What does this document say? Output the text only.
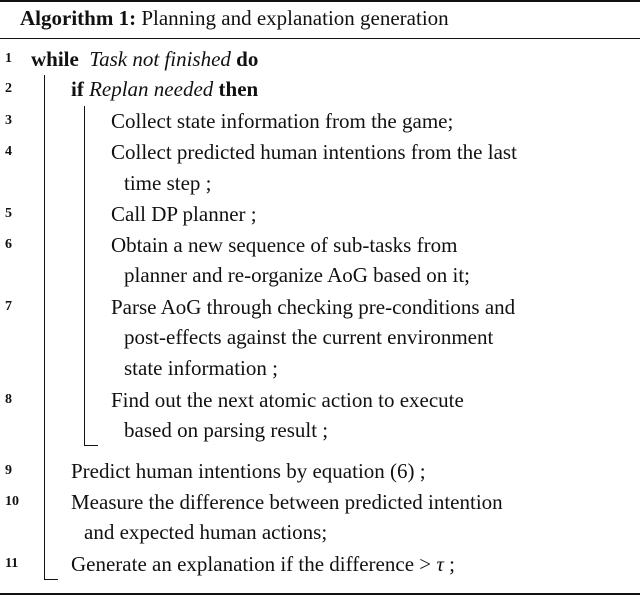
Algorithm 1: Planning and explanation generation
1 while Task not finished do
2	if Replan needed then
3	Collect state information from the game;
4	Collect predicted human intentions from the last
time step ;
5	Call DP planner ;
6	Obtain a new sequence of sub-tasks from
planner and re-organize AoG based on it;
7	Parse AoG through checking pre-conditions and
post-effects against the current environment
state information ;
8	Find out the next atomic action to execute
based on parsing result ;
9	Predict human intentions by equation (6) ;
10	Measure the difference between predicted intention
and expected human actions;
11	Generate an explanation if the difference > τ ;
